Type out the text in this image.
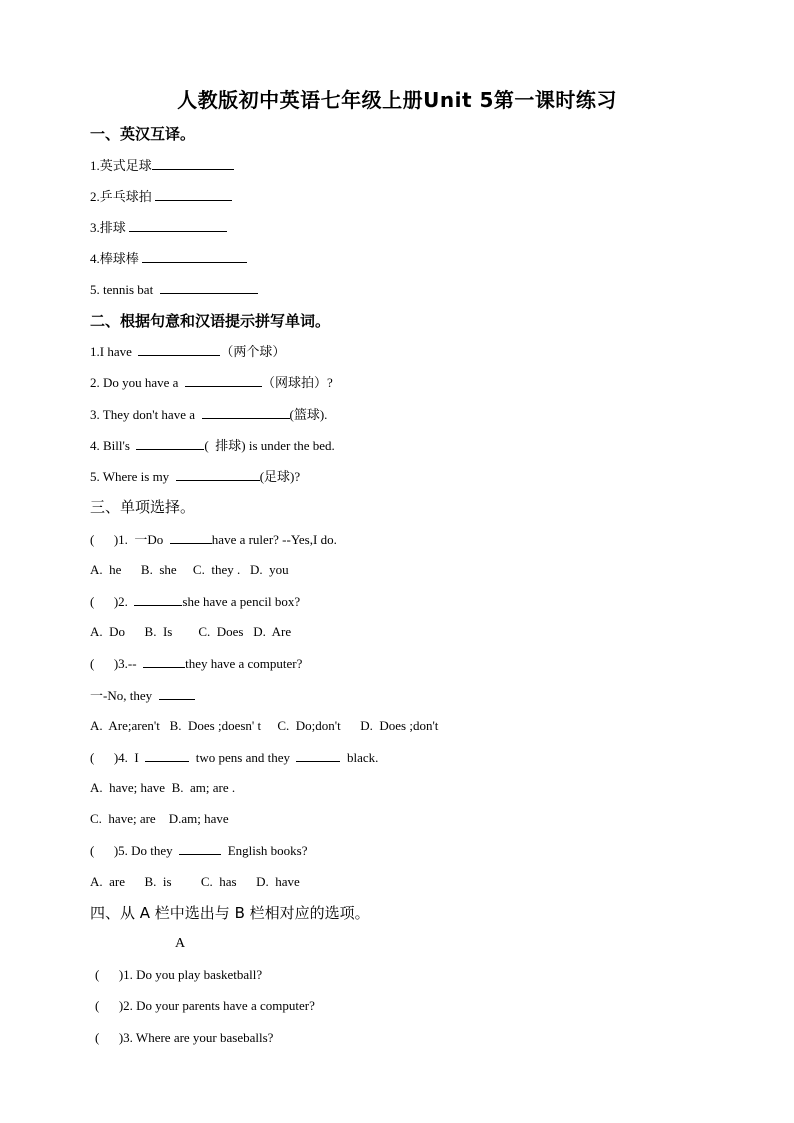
人教版初中英语七年级上册Unit 5第一课时练习
一、英汉互译。
1.英式足球
2.乒乓球拍
3.排球
4.棒球棒
5. tennis bat
二、根据句意和汉语提示拼写单词。
1.I have	（两个球）
2. Do you have a	（网球拍）?
3. They don't have a	(篮球).
4. Bill's	(  排球) is under the bed.
5. Where is my	(足球)?
三、单项选择。
(      )1.  一Do	have a ruler? --Yes,I do.
A.  he      B.  she     C.  they .   D.  you
(      )2.	she have a pencil box?
A.  Do      B.  Is        C.  Does   D.  Are
(      )3.--	they have a computer?
一-No, they
A.  Are;aren't   B.  Does ;doesn' t     C.  Do;don't      D.  Does ;don't
(      )4.  I	two pens and they	black.
A.  have; have  B.  am; are .
C.  have; are    D.am; have
(      )5. Do they	English books?
A.  are      B.  is         C.  has      D.  have
四、从 A 栏中选出与 B 栏相对应的选项。
A
(      )1. Do you play basketball?
(      )2. Do your parents have a computer?
(      )3. Where are your baseballs?
